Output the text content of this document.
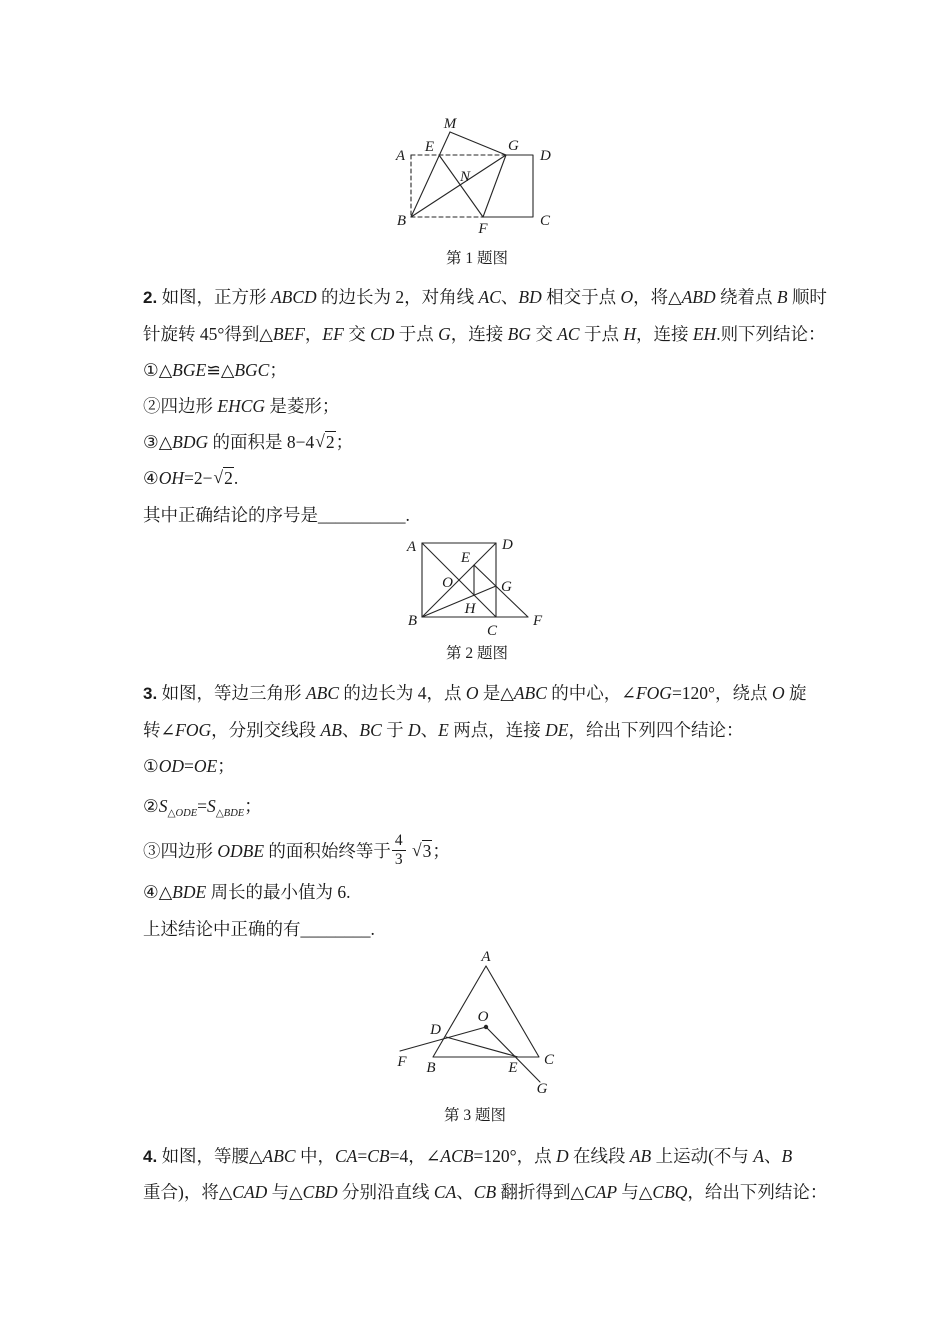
M
A
E	G
D
N
B	F	C
第 1 题图
2. 如图，正方形 ABCD 的边长为 2，对角线 AC、BD 相交于点 O，将△ABD 绕着点 B 顺时
针旋转 45°得到△BEF，EF 交 CD 于点 G，连接 BG 交 AC 于点 H，连接 EH.则下列结论：
①△BGE≌△BGC；
②四边形 EHCG 是菱形；
③△BDG 的面积是 8−4√2；
④OH=2−√2.
其中正确结论的序号是__________.
A	D
E
O	G
H
B
C
F
第 2 题图
3. 如图，等边三角形 ABC 的边长为 4，点 O 是△ABC 的中心，∠FOG=120°，绕点 O 旋
转∠FOG，分别交线段 AB、BC 于 D、E 两点，连接 DE，给出下列四个结论：
①OD=OE；
$②S_{\triangle ODE}=S_{\triangle BDE}$；
③四边形 ODBE 的面积始终等于 $\frac{4}{3} √3$；
④△BDE 周长的最小值为 6.
上述结论中正确的有________.
A
O
D
F B	E C
G
第 3 题图
4. 如图，等腰△ABC 中，CA=CB=4，∠ACB=120°，点 D 在线段 AB 上运动(不与 A、B
重合)，将△CAD 与△CBD 分别沿直线 CA、CB 翻折得到△CAP 与△CBQ，给出下列结论：
